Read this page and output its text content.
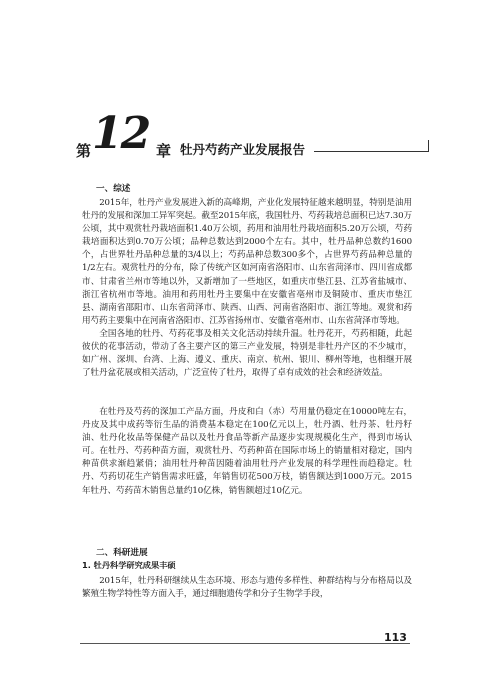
第 12 章 牡丹芍药产业发展报告
一、综述

2015年，牡丹产业发展进入新的高峰期，产业化发展特征越来越明显，特别是油用牡丹的发展和深加工异军突起。截至2015年底，我国牡丹、芍药栽培总面积已达7.30万公顷，其中观赏牡丹栽培面积1.40万公顷，药用和油用牡丹栽培面积5.20万公顷，芍药栽培面积达到0.70万公顷；品种总数达到2000个左右。其中，牡丹品种总数约1600个，占世界牡丹品种总量的3/4以上；芍药品种总数300多个，占世界芍药品种总量的1/2左右。观赏牡丹的分布，除了传统产区如河南省洛阳市、山东省菏泽市、四川省成都市、甘肃省兰州市等地以外，又新增加了一些地区，如重庆市垫江县、江苏省盐城市、浙江省杭州市等地。油用和药用牡丹主要集中在安徽省亳州市及铜陵市、重庆市垫江县、湖南省邵阳市、山东省菏泽市、陕西、山西、河南省洛阳市、浙江等地。观赏和药用芍药主要集中在河南省洛阳市、江苏省扬州市、安徽省亳州市、山东省菏泽市等地。

全国各地的牡丹、芍药花事及相关文化活动持续升温。牡丹花开，芍药相随，此起彼伏的花事活动，带动了各主要产区的第三产业发展，特别是非牡丹产区的不少城市，如广州、深圳、台湾、上海、遵义、重庆、南京、杭州、银川、柳州等地，也相继开展了牡丹盆花展或相关活动，广泛宣传了牡丹，取得了卓有成效的社会和经济效益。

在牡丹及芍药的深加工产品方面，丹皮和白（赤）芍用量仍稳定在10000吨左右，丹皮及其中成药等衍生品的消费基本稳定在100亿元以上，牡丹酒、牡丹茶、牡丹籽油、牡丹化妆品等保健产品以及牡丹食品等新产品逐步实现规模化生产，得到市场认可。在牡丹、芍药种苗方面，观赏牡丹、芍药种苗在国际市场上的销量相对稳定，国内种苗供求渐趋紧俏；油用牡丹种苗因随着油用牡丹产业发展的科学理性而趋稳定。牡丹、芍药切花生产销售需求旺盛，年销售切花500万枝，销售额达到1000万元。2015年牡丹、芍药苗木销售总量约10亿株，销售额超过10亿元。

二、科研进展
1. 牡丹科学研究成果丰硕

2015年，牡丹科研继续从生态环境、形态与遗传多样性、种群结构与分布格局以及繁殖生物学特性等方面入手，通过细胞遗传学和分子生物学手段，

113
